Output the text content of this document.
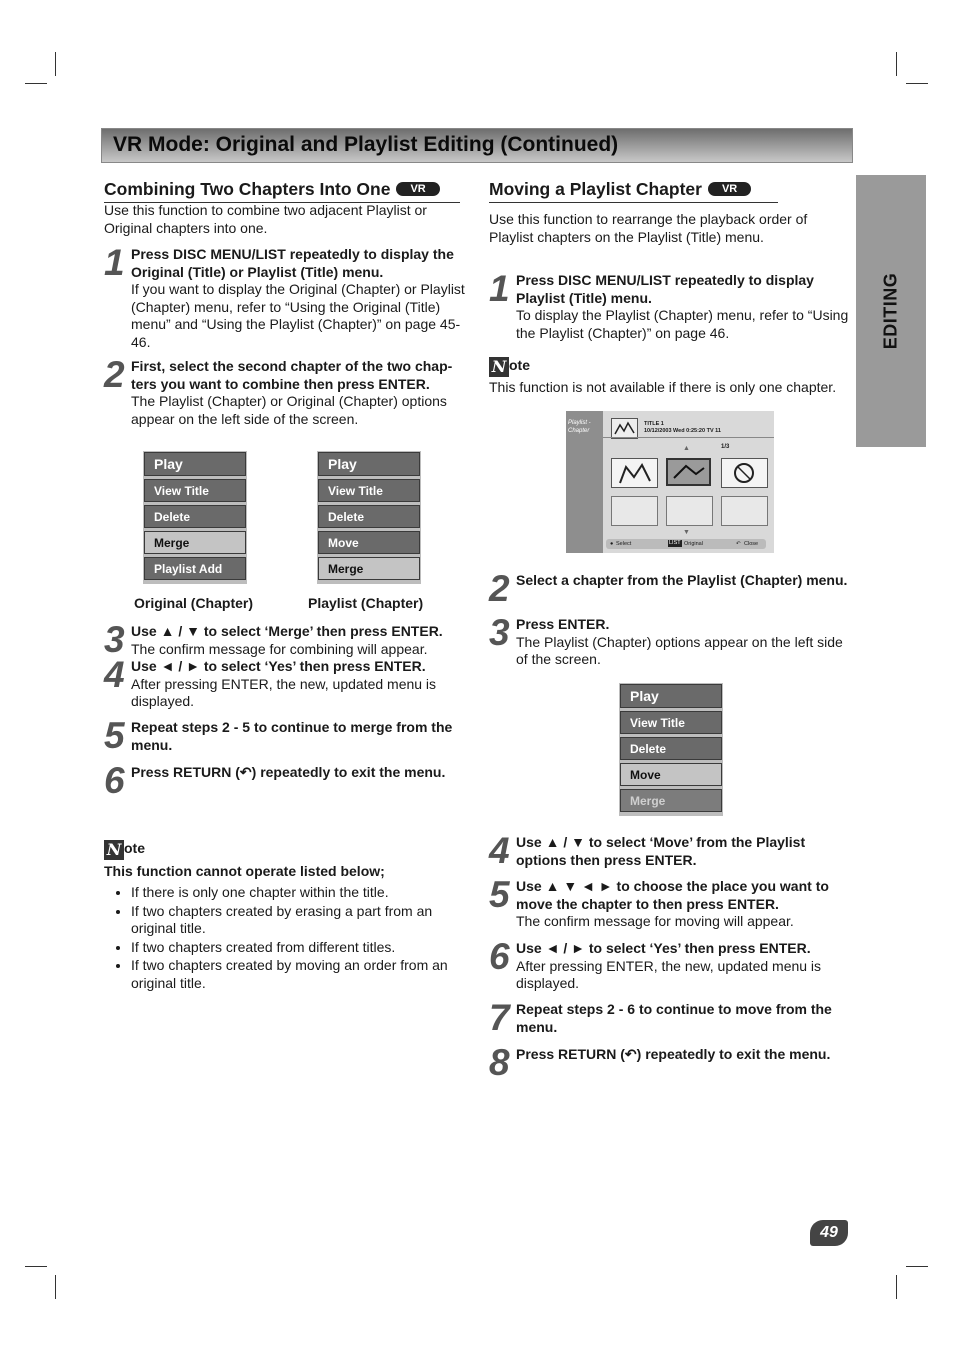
VR Mode: Original and Playlist Editing (Continued)
EDITING
Combining Two Chapters Into One VR
Use this function to combine two adjacent Playlist or Original chapters into one.
1 Press DISC MENU/LIST repeatedly to display the Original (Title) or Playlist (Title) menu.
If you want to display the Original (Chapter) or Playlist (Chapter) menu, refer to “Using the Original (Title) menu” and “Using the Playlist (Chapter)” on page 45-46.
2 First, select the second chapter of the two chap-ters you want to combine then press ENTER.
The Playlist (Chapter) or Original (Chapter) options appear on the left side of the screen.
Play
View Title
Delete
Merge
Playlist Add
Play
View Title
Delete
Move
Merge
Original (Chapter)	Playlist (Chapter)
3 Use ▲ / ▼ to select ‘Merge’ then press ENTER.
The confirm message for combining will appear.
4 Use ◄ / ► to select ‘Yes’ then press ENTER.
After pressing ENTER, the new, updated menu is displayed.
5 Repeat steps 2 - 5 to continue to merge from the menu.
6 Press RETURN (↶) repeatedly to exit the menu.
N ote
This function cannot operate listed below;
• If there is only one chapter within the title.
• If two chapters created by erasing a part from an original title.
• If two chapters created from different titles.
• If two chapters created by moving an order from an original title.
Moving a Playlist Chapter VR
Use this function to rearrange the playback order of Playlist chapters on the Playlist (Title) menu.
1 Press DISC MENU/LIST repeatedly to display Playlist (Title) menu.
To display the Playlist (Chapter) menu, refer to “Using the Playlist (Chapter)” on page 46.
N ote
This function is not available if there is only one chapter.
Playlist -Chapter
TITLE 1
10/12/2003 Wed 0:25:20 TV 11
1/3
▲
▼
● Select	LIST Original	↶ Close
2 Select a chapter from the Playlist (Chapter) menu.
3 Press ENTER.
The Playlist (Chapter) options appear on the left side of the screen.
Play
View Title
Delete
Move
Merge
4 Use ▲ / ▼ to select ‘Move’ from the Playlist options then press ENTER.
5 Use ▲ ▼ ◄ ► to choose the place you want to move the chapter to then press ENTER.
The confirm message for moving will appear.
6 Use ◄ / ► to select ‘Yes’ then press ENTER.
After pressing ENTER, the new, updated menu is displayed.
7 Repeat steps 2 - 6 to continue to move from the menu.
8 Press RETURN (↶) repeatedly to exit the menu.
49
